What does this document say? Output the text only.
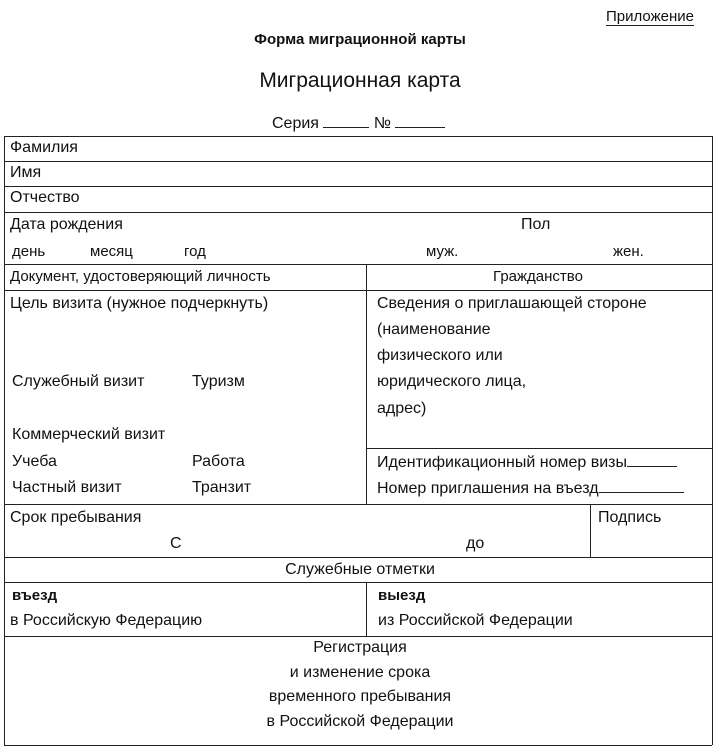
Приложение
Форма миграционной карты
Миграционная карта
Серия	№
Фамилия
Имя
Отчество
Дата рождения	Пол
день	месяц	год	муж.	жен.
Документ, удостоверяющий личность	Гражданство
Цель визита (нужное подчеркнуть)
Служебный визит	Туризм
Коммерческий визит
Учеба	Работа
Частный визит	Транзит
Сведения о приглашающей стороне
(наименование
физического или
юридического лица,
адрес)
Идентификационный номер визы
Номер приглашения на въезд
Срок пребывания
С	до
Подпись
Служебные отметки
въезд
в Российскую Федерацию
выезд
из Российской Федерации
Регистрация
и изменение срока
временного пребывания
в Российской Федерации
